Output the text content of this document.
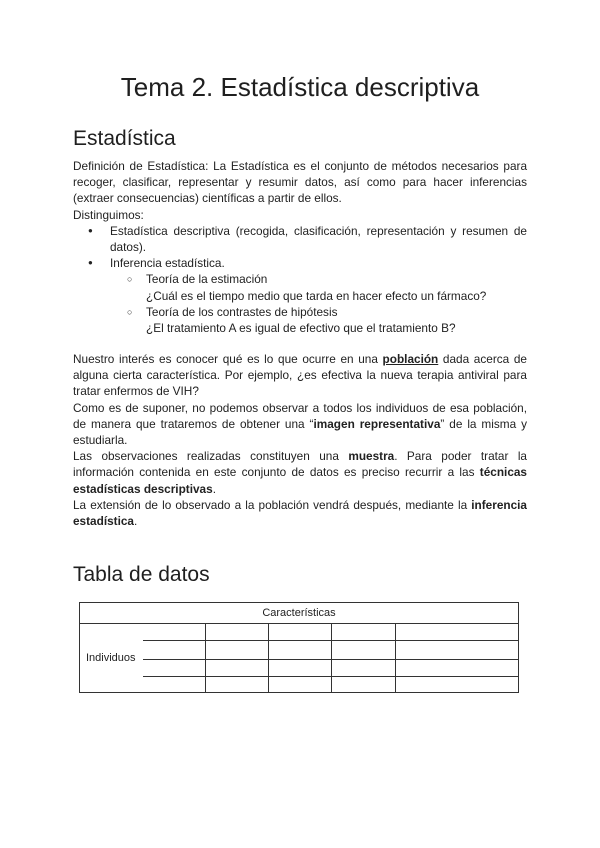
Tema 2. Estadística descriptiva
Estadística

Definición de Estadística: La Estadística es el conjunto de métodos necesarios para recoger, clasificar, representar y resumir datos, así como para hacer inferencias (extraer consecuencias) científicas a partir de ellos.

Distinguimos:

● Estadística descriptiva (recogida, clasificación, representación y resumen de datos).
● Inferencia estadística.
○ Teoría de la estimación
¿Cuál es el tiempo medio que tarda en hacer efecto un fármaco?
○ Teoría de los contrastes de hipótesis
¿El tratamiento A es igual de efectivo que el tratamiento B?

Nuestro interés es conocer qué es lo que ocurre en una población dada acerca de alguna cierta característica. Por ejemplo, ¿es efectiva la nueva terapia antiviral para tratar enfermos de VIH?

Como es de suponer, no podemos observar a todos los individuos de esa población, de manera que trataremos de obtener una “imagen representativa” de la misma y estudiarla.

Las observaciones realizadas constituyen una muestra. Para poder tratar la información contenida en este conjunto de datos es preciso recurrir a las técnicas estadísticas descriptivas.

La extensión de lo observado a la población vendrá después, mediante la inferencia estadística.

Tabla de datos
Características
Individuos
